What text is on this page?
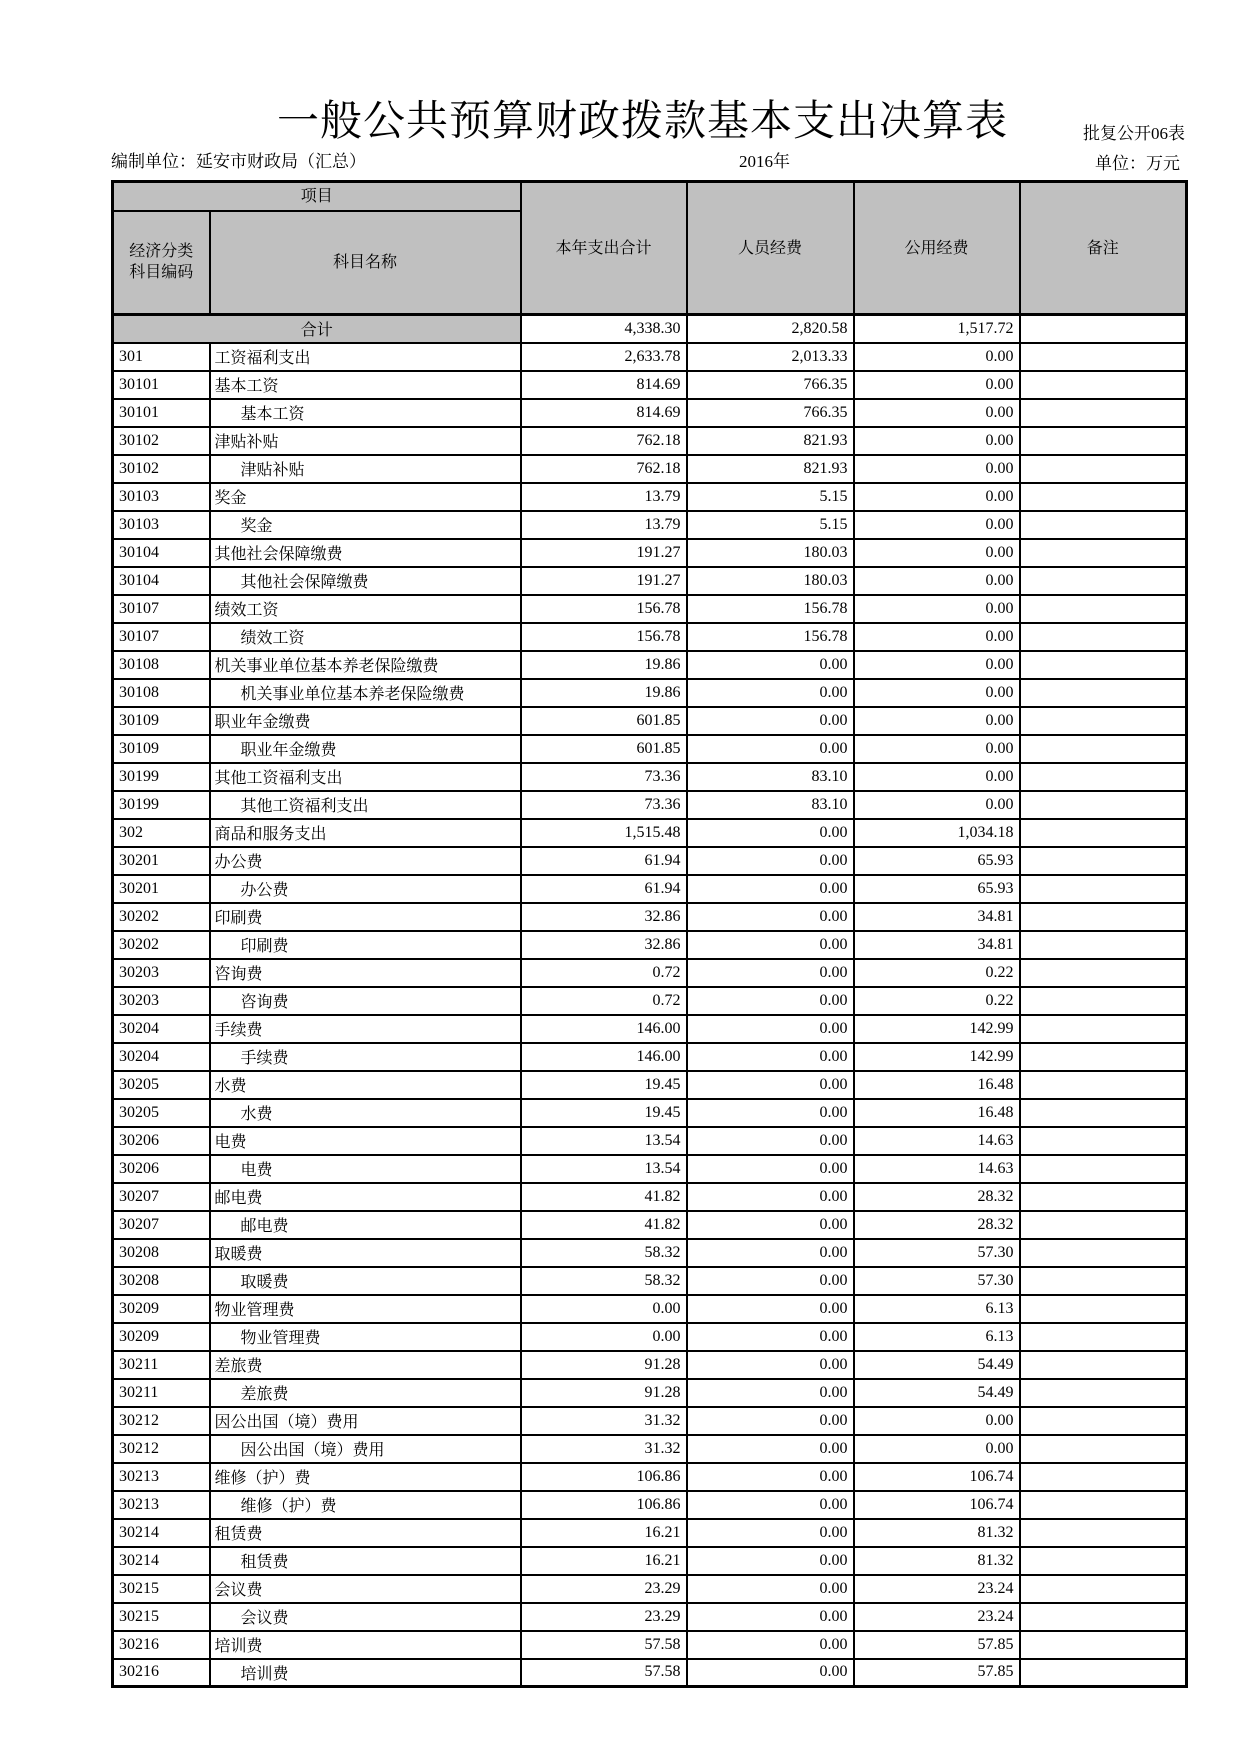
一般公共预算财政拨款基本支出决算表	批复公开06表
编制单位：延安市财政局（汇总）	2016年	单位：万元
项目		本年支出合计	人员经费	公用经费	备注

经济分类
科目编码	科目名称				
合计		4,338.30	2,820.58	1,517.72	
301	工资福利支出	2,633.78	2,013.33	0.00	
30101	基本工资	814.69	766.35	0.00	
30101	基本工资	814.69	766.35	0.00	
30102	津贴补贴	762.18	821.93	0.00	
30102	津贴补贴	762.18	821.93	0.00	
30103	奖金	13.79	5.15	0.00	
30103	奖金	13.79	5.15	0.00	
30104	其他社会保障缴费	191.27	180.03	0.00	
30104	其他社会保障缴费	191.27	180.03	0.00	
30107	绩效工资	156.78	156.78	0.00	
30107	绩效工资	156.78	156.78	0.00	
30108	机关事业单位基本养老保险缴费	19.86	0.00	0.00	
30108	机关事业单位基本养老保险缴费	19.86	0.00	0.00	
30109	职业年金缴费	601.85	0.00	0.00	
30109	职业年金缴费	601.85	0.00	0.00	
30199	其他工资福利支出	73.36	83.10	0.00	
30199	其他工资福利支出	73.36	83.10	0.00	
302	商品和服务支出	1,515.48	0.00	1,034.18	
30201	办公费	61.94	0.00	65.93	
30201	办公费	61.94	0.00	65.93	
30202	印刷费	32.86	0.00	34.81	
30202	印刷费	32.86	0.00	34.81	
30203	咨询费	0.72	0.00	0.22	
30203	咨询费	0.72	0.00	0.22	
30204	手续费	146.00	0.00	142.99	
30204	手续费	146.00	0.00	142.99	
30205	水费	19.45	0.00	16.48	
30205	水费	19.45	0.00	16.48	
30206	电费	13.54	0.00	14.63	
30206	电费	13.54	0.00	14.63	
30207	邮电费	41.82	0.00	28.32	
30207	邮电费	41.82	0.00	28.32	
30208	取暖费	58.32	0.00	57.30	
30208	取暖费	58.32	0.00	57.30	
30209	物业管理费	0.00	0.00	6.13	
30209	物业管理费	0.00	0.00	6.13	
30211	差旅费	91.28	0.00	54.49	
30211	差旅费	91.28	0.00	54.49	
30212	因公出国（境）费用	31.32	0.00	0.00	
30212	因公出国（境）费用	31.32	0.00	0.00	
30213	维修（护）费	106.86	0.00	106.74	
30213	维修（护）费	106.86	0.00	106.74	
30214	租赁费	16.21	0.00	81.32	
30214	租赁费	16.21	0.00	81.32	
30215	会议费	23.29	0.00	23.24	
30215	会议费	23.29	0.00	23.24	
30216	培训费	57.58	0.00	57.85	
30216	培训费	57.58	0.00	57.85	
